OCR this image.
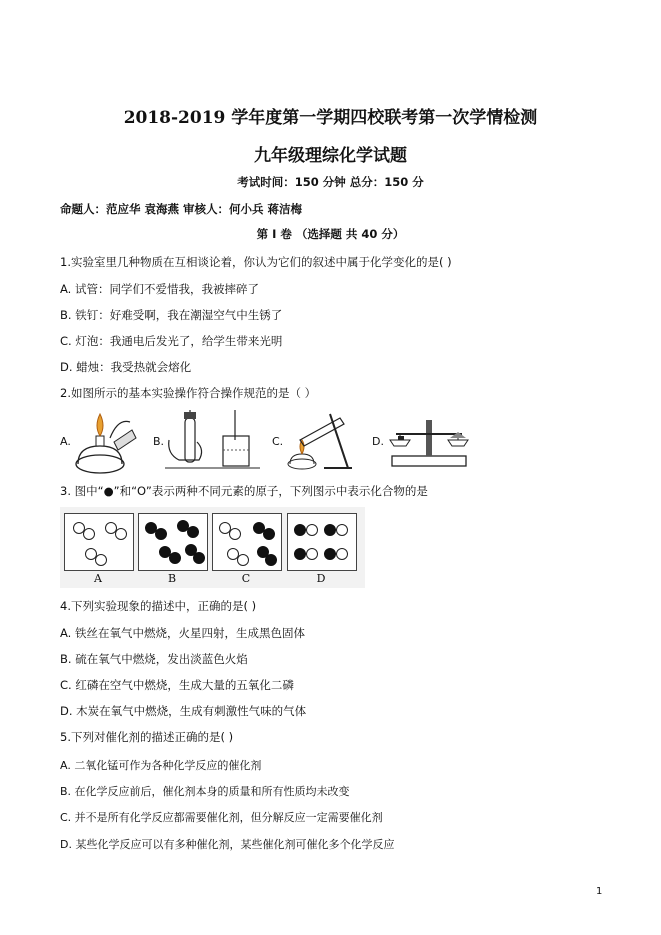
2018-2019 学年度第一学期四校联考第一次学情检测
九年级理综化学试题
考试时间：150 分钟 总分：150 分
命题人：范应华 袁海燕 审核人：何小兵 蒋洁梅
第 I 卷 （选择题 共 40 分）
1.实验室里几种物质在互相谈论着，你认为它们的叙述中属于化学变化的是( )
A. 试管：同学们不爱惜我，我被摔碎了
B. 铁钉：好难受啊，我在潮湿空气中生锈了
C. 灯泡：我通电后发光了，给学生带来光明
D. 蜡烛：我受热就会熔化
2.如图所示的基本实验操作符合操作规范的是（ ）
A.	B.	C.	D.
3. 图中“●”和“O”表示两种不同元素的原子，下列图示中表示化合物的是
A	B	C	D
4.下列实验现象的描述中，正确的是( )
A. 铁丝在氧气中燃烧，火星四射，生成黑色固体
B. 硫在氧气中燃烧，发出淡蓝色火焰
C. 红磷在空气中燃烧，生成大量的五氧化二磷
D. 木炭在氧气中燃烧，生成有刺激性气味的气体
5.下列对催化剂的描述正确的是( )
A. 二氧化锰可作为各种化学反应的催化剂
B. 在化学反应前后，催化剂本身的质量和所有性质均未改变
C. 并不是所有化学反应都需要催化剂，但分解反应一定需要催化剂
D. 某些化学反应可以有多种催化剂，某些催化剂可催化多个化学反应
1
